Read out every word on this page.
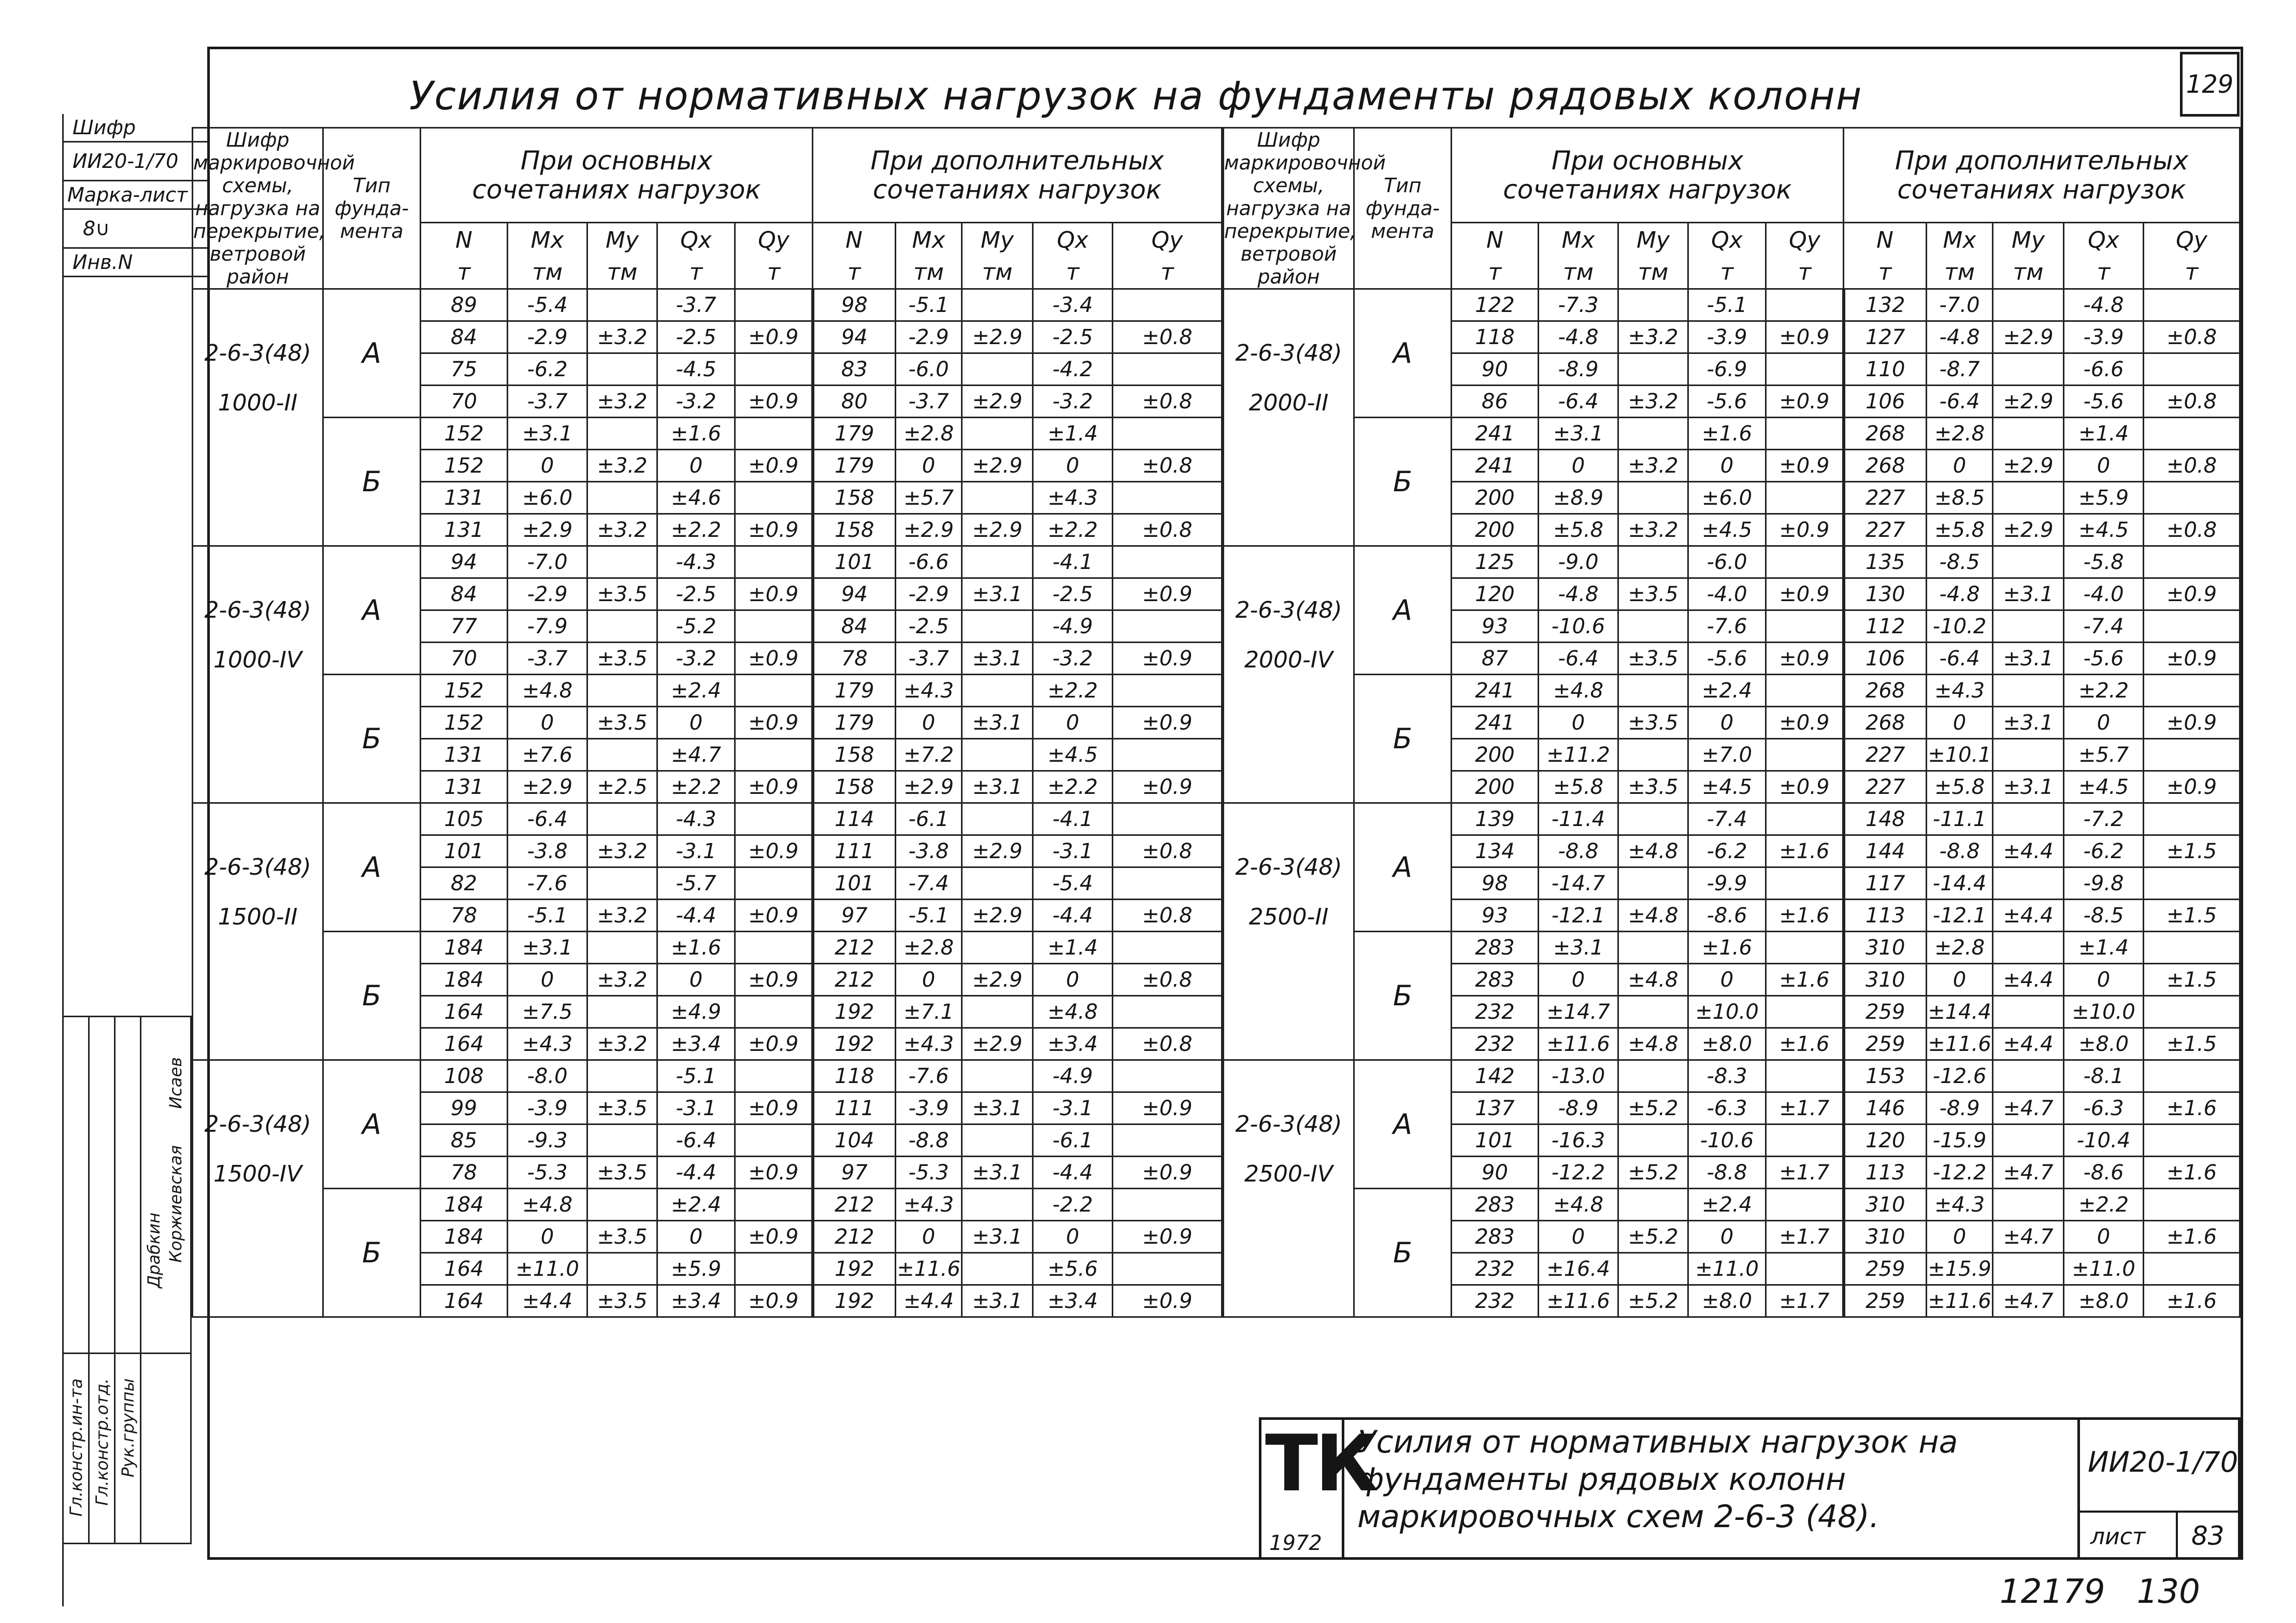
129
Усилия от нормативных нагрузок на фундаменты рядовых колонн
Шифр
ИИ20-1/70
Марка-лист
8∪
Инв.N
Шифр маркировочной схемы, нагрузка на перекрытие, ветровой район	Тип фунда-мента	При основных сочетаниях нагрузок					При дополнительных сочетаниях нагрузок				
		N	Mx	My	Qx	Qy	N	Mx	My	Qx	Qy
		т	тм	тм	т	т	т	тм	тм	т	т

2-6-3(48)
1000-II	А	89	-5.4		-3.7		98	-5.1		-3.4	
		84	-2.9	±3.2	-2.5	±0.9	94	-2.9	±2.9	-2.5	±0.8
		75	-6.2		-4.5		83	-6.0		-4.2	
		70	-3.7	±3.2	-3.2	±0.9	80	-3.7	±2.9	-3.2	±0.8
	Б	152	±3.1		±1.6		179	±2.8		±1.4	
		152	0	±3.2	0	±0.9	179	0	±2.9	0	±0.8
		131	±6.0		±4.6		158	±5.7		±4.3	
		131	±2.9	±3.2	±2.2	±0.9	158	±2.9	±2.9	±2.2	±0.8

2-6-3(48)
1000-IV	А	94	-7.0		-4.3		101	-6.6		-4.1	
		84	-2.9	±3.5	-2.5	±0.9	94	-2.9	±3.1	-2.5	±0.9
		77	-7.9		-5.2		84	-2.5		-4.9	
		70	-3.7	±3.5	-3.2	±0.9	78	-3.7	±3.1	-3.2	±0.9
	Б	152	±4.8		±2.4		179	±4.3		±2.2	
		152	0	±3.5	0	±0.9	179	0	±3.1	0	±0.9
		131	±7.6		±4.7		158	±7.2		±4.5	
		131	±2.9	±2.5	±2.2	±0.9	158	±2.9	±3.1	±2.2	±0.9

2-6-3(48)
1500-II	А	105	-6.4		-4.3		114	-6.1		-4.1	
		101	-3.8	±3.2	-3.1	±0.9	111	-3.8	±2.9	-3.1	±0.8
		82	-7.6		-5.7		101	-7.4		-5.4	
		78	-5.1	±3.2	-4.4	±0.9	97	-5.1	±2.9	-4.4	±0.8
	Б	184	±3.1		±1.6		212	±2.8		±1.4	
		184	0	±3.2	0	±0.9	212	0	±2.9	0	±0.8
		164	±7.5		±4.9		192	±7.1		±4.8	
		164	±4.3	±3.2	±3.4	±0.9	192	±4.3	±2.9	±3.4	±0.8

2-6-3(48)
1500-IV	А	108	-8.0		-5.1		118	-7.6		-4.9	
		99	-3.9	±3.5	-3.1	±0.9	111	-3.9	±3.1	-3.1	±0.9
		85	-9.3		-6.4		104	-8.8		-6.1	
		78	-5.3	±3.5	-4.4	±0.9	97	-5.3	±3.1	-4.4	±0.9
	Б	184	±4.8		±2.4		212	±4.3		-2.2	
		184	0	±3.5	0	±0.9	212	0	±3.1	0	±0.9
		164	±11.0		±5.9		192	±11.6		±5.6	
		164	±4.4	±3.5	±3.4	±0.9	192	±4.4	±3.1	±3.4	±0.9
Шифр маркировочной схемы, нагрузка на перекрытие, ветровой район	Тип фунда-мента	При основных сочетаниях нагрузок					При дополнительных сочетаниях нагрузок				
		N	Mx	My	Qx	Qy	N	Mx	My	Qx	Qy
		т	тм	тм	т	т	т	тм	тм	т	т

2-6-3(48)
2000-II	А	122	-7.3		-5.1		132	-7.0		-4.8	
		118	-4.8	±3.2	-3.9	±0.9	127	-4.8	±2.9	-3.9	±0.8
		90	-8.9		-6.9		110	-8.7		-6.6	
		86	-6.4	±3.2	-5.6	±0.9	106	-6.4	±2.9	-5.6	±0.8
	Б	241	±3.1		±1.6		268	±2.8		±1.4	
		241	0	±3.2	0	±0.9	268	0	±2.9	0	±0.8
		200	±8.9		±6.0		227	±8.5		±5.9	
		200	±5.8	±3.2	±4.5	±0.9	227	±5.8	±2.9	±4.5	±0.8

2-6-3(48)
2000-IV	А	125	-9.0		-6.0		135	-8.5		-5.8	
		120	-4.8	±3.5	-4.0	±0.9	130	-4.8	±3.1	-4.0	±0.9
		93	-10.6		-7.6		112	-10.2		-7.4	
		87	-6.4	±3.5	-5.6	±0.9	106	-6.4	±3.1	-5.6	±0.9
	Б	241	±4.8		±2.4		268	±4.3		±2.2	
		241	0	±3.5	0	±0.9	268	0	±3.1	0	±0.9
		200	±11.2		±7.0		227	±10.1		±5.7	
		200	±5.8	±3.5	±4.5	±0.9	227	±5.8	±3.1	±4.5	±0.9

2-6-3(48)
2500-II	А	139	-11.4		-7.4		148	-11.1		-7.2	
		134	-8.8	±4.8	-6.2	±1.6	144	-8.8	±4.4	-6.2	±1.5
		98	-14.7		-9.9		117	-14.4		-9.8	
		93	-12.1	±4.8	-8.6	±1.6	113	-12.1	±4.4	-8.5	±1.5
	Б	283	±3.1		±1.6		310	±2.8		±1.4	
		283	0	±4.8	0	±1.6	310	0	±4.4	0	±1.5
		232	±14.7		±10.0		259	±14.4		±10.0	
		232	±11.6	±4.8	±8.0	±1.6	259	±11.6	±4.4	±8.0	±1.5

2-6-3(48)
2500-IV	А	142	-13.0		-8.3		153	-12.6		-8.1	
		137	-8.9	±5.2	-6.3	±1.7	146	-8.9	±4.7	-6.3	±1.6
		101	-16.3		-10.6		120	-15.9		-10.4	
		90	-12.2	±5.2	-8.8	±1.7	113	-12.2	±4.7	-8.6	±1.6
	Б	283	±4.8		±2.4		310	±4.3		±2.2	
		283	0	±5.2	0	±1.7	310	0	±4.7	0	±1.6
		232	±16.4		±11.0		259	±15.9		±11.0	
		232	±11.6	±5.2	±8.0	±1.7	259	±11.6	±4.7	±8.0	±1.6
Гл.констр.ин-та Гл.констр.отд. Рук.группы
Драбкин Коржиевская
Исаев
ТК
1972
Усилия от нормативных нагрузок на фундаменты рядовых колонн маркировочных схем 2-6-3 (48).
ИИ20-1/70
лист 83
12179   130
